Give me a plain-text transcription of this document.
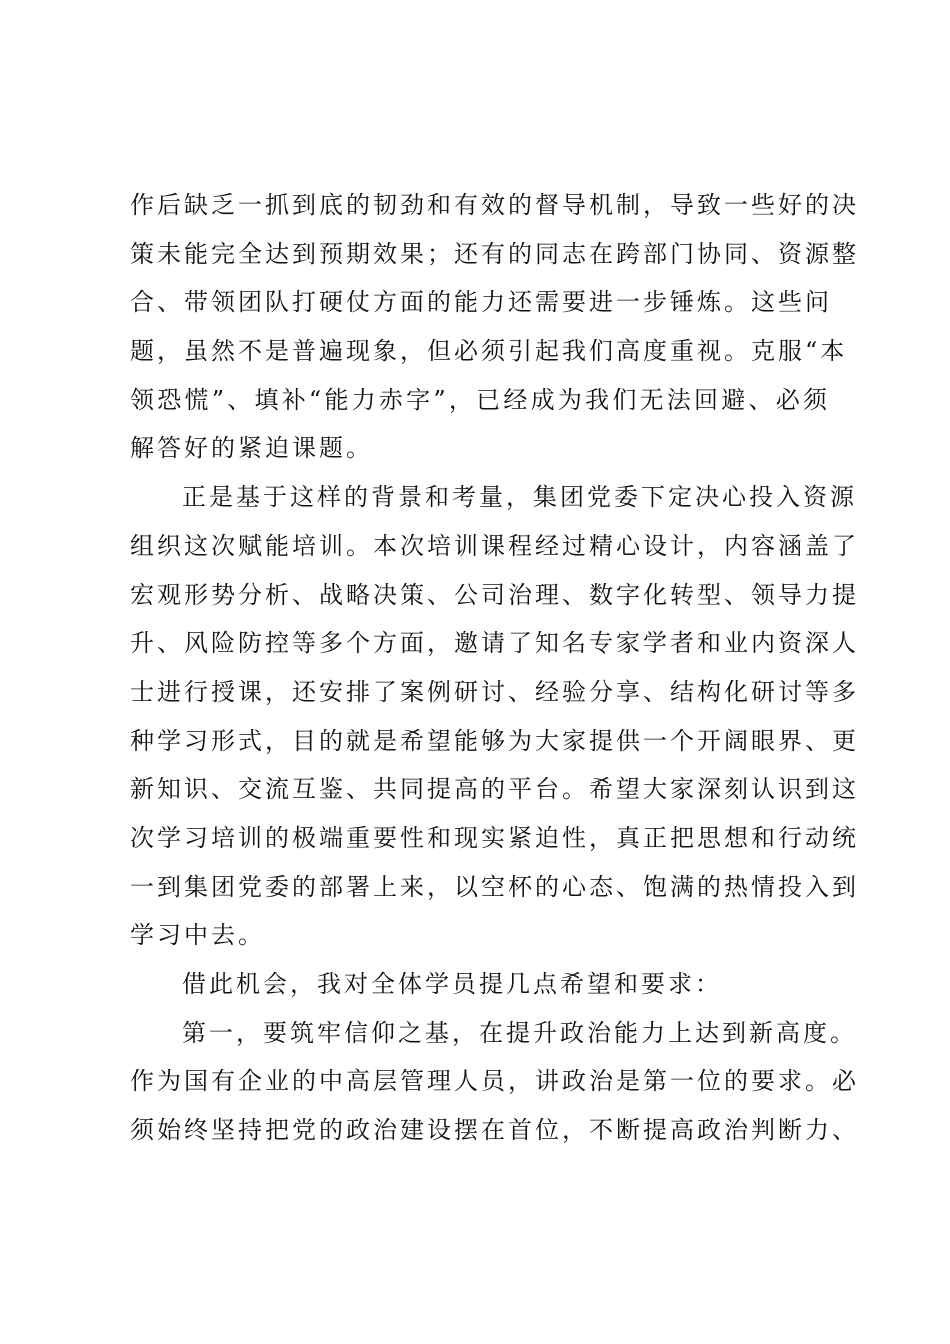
作后缺乏一抓到底的韧劲和有效的督导机制，导致一些好的决
策未能完全达到预期效果；还有的同志在跨部门协同、资源整
合、带领团队打硬仗方面的能力还需要进一步锤炼。这些问
题，虽然不是普遍现象，但必须引起我们高度重视。克服“本
领恐慌”、填补“能力赤字”，已经成为我们无法回避、必须
解答好的紧迫课题。
正是基于这样的背景和考量，集团党委下定决心投入资源
组织这次赋能培训。本次培训课程经过精心设计，内容涵盖了
宏观形势分析、战略决策、公司治理、数字化转型、领导力提
升、风险防控等多个方面，邀请了知名专家学者和业内资深人
士进行授课，还安排了案例研讨、经验分享、结构化研讨等多
种学习形式，目的就是希望能够为大家提供一个开阔眼界、更
新知识、交流互鉴、共同提高的平台。希望大家深刻认识到这
次学习培训的极端重要性和现实紧迫性，真正把思想和行动统
一到集团党委的部署上来，以空杯的心态、饱满的热情投入到
学习中去。
借此机会，我对全体学员提几点希望和要求：
第一，要筑牢信仰之基，在提升政治能力上达到新高度。
作为国有企业的中高层管理人员，讲政治是第一位的要求。必
须始终坚持把党的政治建设摆在首位，不断提高政治判断力、
